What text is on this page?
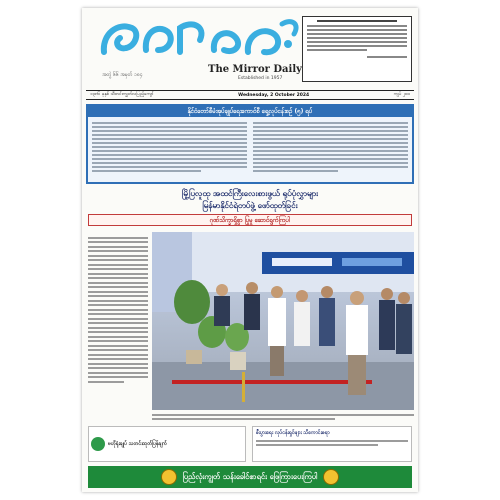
အတွဲ ၆၆ အမှတ် ၁၈၄	The Mirror Daily
Established in 1957
၁၃၈၆ ခုနှစ် သီတင်းကျွတ်လပြည့်ကျော်	Wednesday, 2 October 2024	ကျပ် ၂၀၀
နိုင်ငံတော်စီမံအုပ်ချုပ်ရေးကောင်စီ ရှေ့လုပ်ငန်းစဉ် (၅) ရပ်
မြို့ပြလူထု အထင်ကြီးလေးစားဖွယ် ရုပ်ပုံလွှာများ
မြန်မာနိုင်ငံရဲတပ်ဖွဲ့ ဖော်ထုတ်ခြင်း
ဂုဏ်သိက္ခာရှိစွာ ပြုမူ ဆောင်ရွက်ကြပါ
ဗဟိုရုံးချုပ် သတင်းထုတ်ပြန်ချက်
စီးပွားရေး လုပ်ငန်းရှင်များ သိကောင်းစရာ
ပြည်လုံးကျွတ် သန်းခေါင်စာရင်း ဖြေကြားပေးကြပါ
